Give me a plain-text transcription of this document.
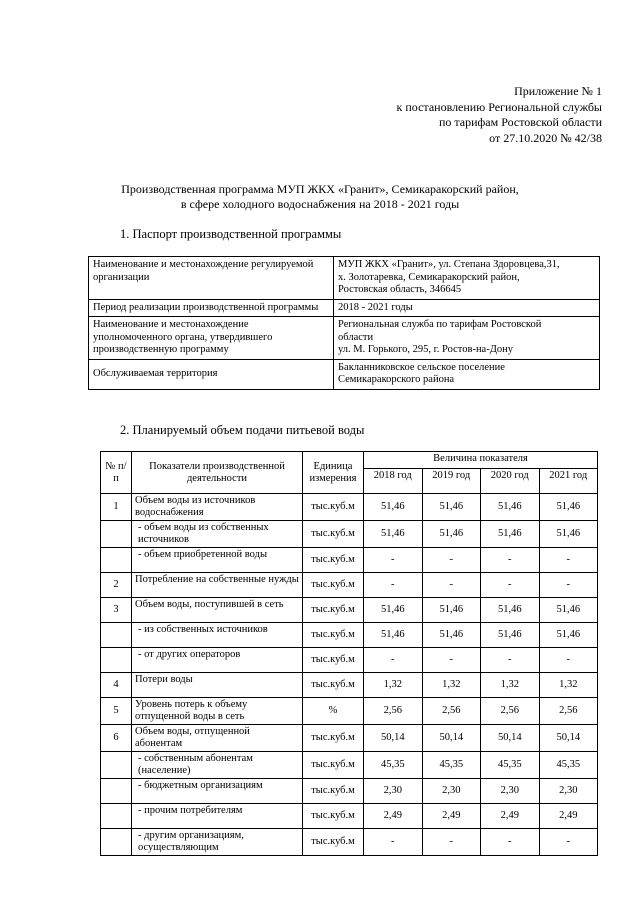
Приложение № 1
к постановлению Региональной службы
по тарифам Ростовской области
от 27.10.2020 № 42/38
Производственная программа МУП ЖКХ «Гранит», Семикаракорский район,
в сфере холодного водоснабжения на 2018 - 2021 годы
1. Паспорт производственной программы
Наименование и местонахождение регулируемой организации	МУП ЖКХ «Гранит», ул. Степана Здоровцева,31,
х. Золотаревка, Семикаракорский район,
Ростовская область, 346645

Период реализации производственной программы	2018 - 2021 годы

Наименование и местонахождение уполномоченного органа, утвердившего производственную программу	Региональная служба по тарифам Ростовской
области
ул. М. Горького, 295, г. Ростов-на-Дону

Обслуживаемая территория	Бакланниковское сельское поселение
Семикаракорского района
2. Планируемый объем подачи питьевой воды
№ п/п	Показатели производственной деятельности	Единица измерения	Величина показателя			
			2018 год	2019 год	2020 год	2021 год
1	Объем воды из источников водоснабжения	тыс.куб.м	51,46	51,46	51,46	51,46
	- объем воды из собственных источников	тыс.куб.м	51,46	51,46	51,46	51,46
	- объем приобретенной воды	тыс.куб.м	-	-	-	-
2	Потребление на собственные нужды	тыс.куб.м	-	-	-	-
3	Объем воды, поступившей в сеть	тыс.куб.м	51,46	51,46	51,46	51,46
	- из собственных источников	тыс.куб.м	51,46	51,46	51,46	51,46
	- от других операторов	тыс.куб.м	-	-	-	-
4	Потери воды	тыс.куб.м	1,32	1,32	1,32	1,32
5	Уровень потерь к объему отпущенной воды в сеть	%	2,56	2,56	2,56	2,56
6	Объем воды, отпущенной абонентам	тыс.куб.м	50,14	50,14	50,14	50,14
	- собственным абонентам (население)	тыс.куб.м	45,35	45,35	45,35	45,35
	- бюджетным организациям	тыс.куб.м	2,30	2,30	2,30	2,30
	- прочим потребителям	тыс.куб.м	2,49	2,49	2,49	2,49
	- другим организациям, осуществляющим	тыс.куб.м	-	-	-	-
